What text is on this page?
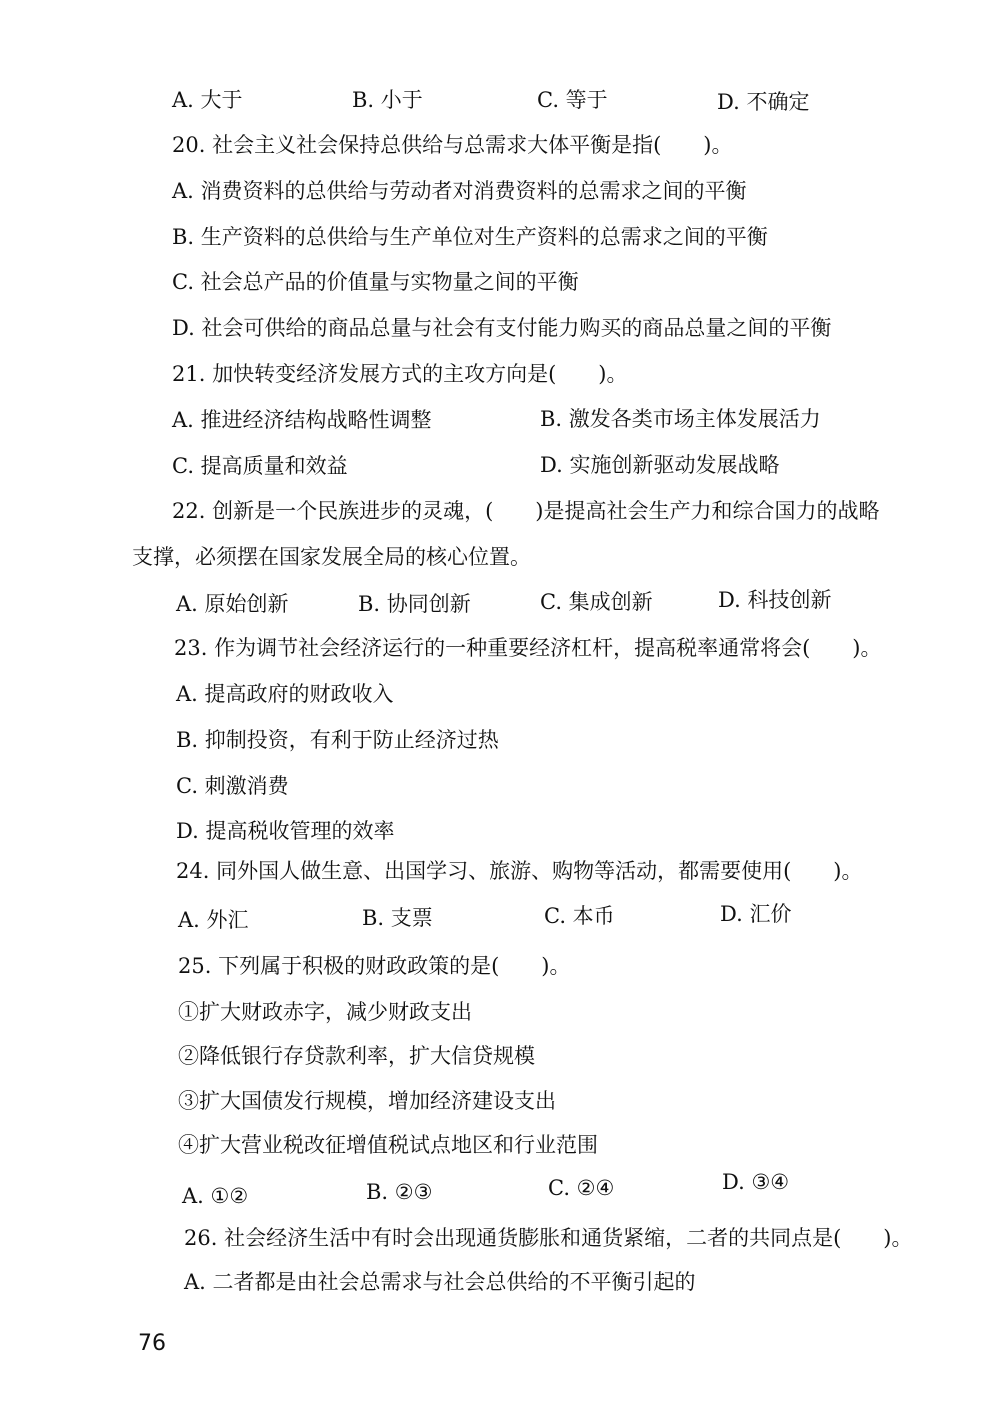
A. 大于	B. 小于	C. 等于	D. 不确定
20. 社会主义社会保持总供给与总需求大体平衡是指(　　)。
A. 消费资料的总供给与劳动者对消费资料的总需求之间的平衡
B. 生产资料的总供给与生产单位对生产资料的总需求之间的平衡
C. 社会总产品的价值量与实物量之间的平衡
D. 社会可供给的商品总量与社会有支付能力购买的商品总量之间的平衡
21. 加快转变经济发展方式的主攻方向是(　　)。
A. 推进经济结构战略性调整	B. 激发各类市场主体发展活力
C. 提高质量和效益	D. 实施创新驱动发展战略
22. 创新是一个民族进步的灵魂，(　　)是提高社会生产力和综合国力的战略
支撑，必须摆在国家发展全局的核心位置。
A. 原始创新	B. 协同创新	C. 集成创新	D. 科技创新
23. 作为调节社会经济运行的一种重要经济杠杆，提高税率通常将会(　　)。
A. 提高政府的财政收入
B. 抑制投资，有利于防止经济过热
C. 刺激消费
D. 提高税收管理的效率
24. 同外国人做生意、出国学习、旅游、购物等活动，都需要使用(　　)。
A. 外汇	B. 支票	C. 本币	D. 汇价
25. 下列属于积极的财政政策的是(　　)。
①扩大财政赤字，减少财政支出
②降低银行存贷款利率，扩大信贷规模
③扩大国债发行规模，增加经济建设支出
④扩大营业税改征增值税试点地区和行业范围
A. ①②	B. ②③	C. ②④	D. ③④
26. 社会经济生活中有时会出现通货膨胀和通货紧缩，二者的共同点是(　　)。
A. 二者都是由社会总需求与社会总供给的不平衡引起的
76
